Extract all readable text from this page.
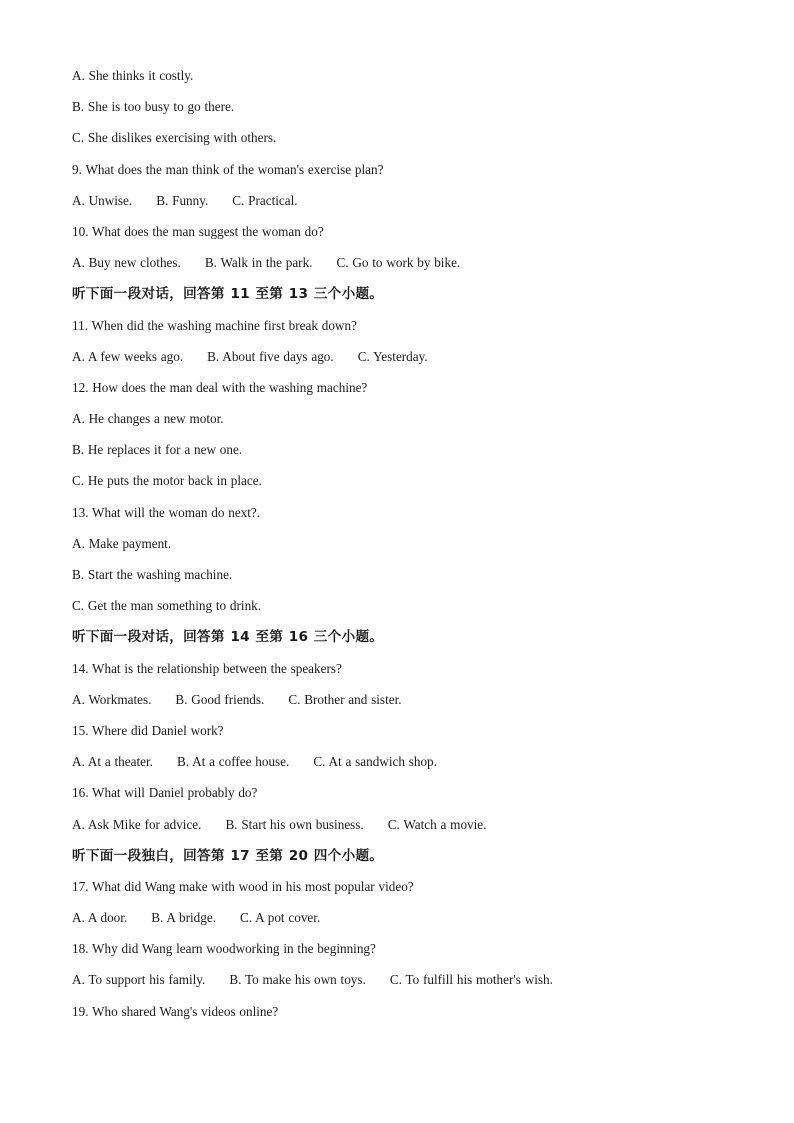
A. She thinks it costly.
B. She is too busy to go there.
C. She dislikes exercising with others.
9. What does the man think of the woman's exercise plan?
A. Unwise. B. Funny. C. Practical.
10. What does the man suggest the woman do?
A. Buy new clothes. B. Walk in the park. C. Go to work by bike.
听下面一段对话，回答第 11 至第 13 三个小题。
11. When did the washing machine first break down?
A. A few weeks ago. B. About five days ago. C. Yesterday.
12. How does the man deal with the washing machine?
A. He changes a new motor.
B. He replaces it for a new one.
C. He puts the motor back in place.
13. What will the woman do next?.
A. Make payment.
B. Start the washing machine.
C. Get the man something to drink.
听下面一段对话，回答第 14 至第 16 三个小题。
14. What is the relationship between the speakers?
A. Workmates. B. Good friends. C. Brother and sister.
15. Where did Daniel work?
A. At a theater. B. At a coffee house. C. At a sandwich shop.
16. What will Daniel probably do?
A. Ask Mike for advice. B. Start his own business. C. Watch a movie.
听下面一段独白，回答第 17 至第 20 四个小题。
17. What did Wang make with wood in his most popular video?
A. A door. B. A bridge. C. A pot cover.
18. Why did Wang learn woodworking in the beginning?
A. To support his family. B. To make his own toys. C. To fulfill his mother's wish.
19. Who shared Wang's videos online?
